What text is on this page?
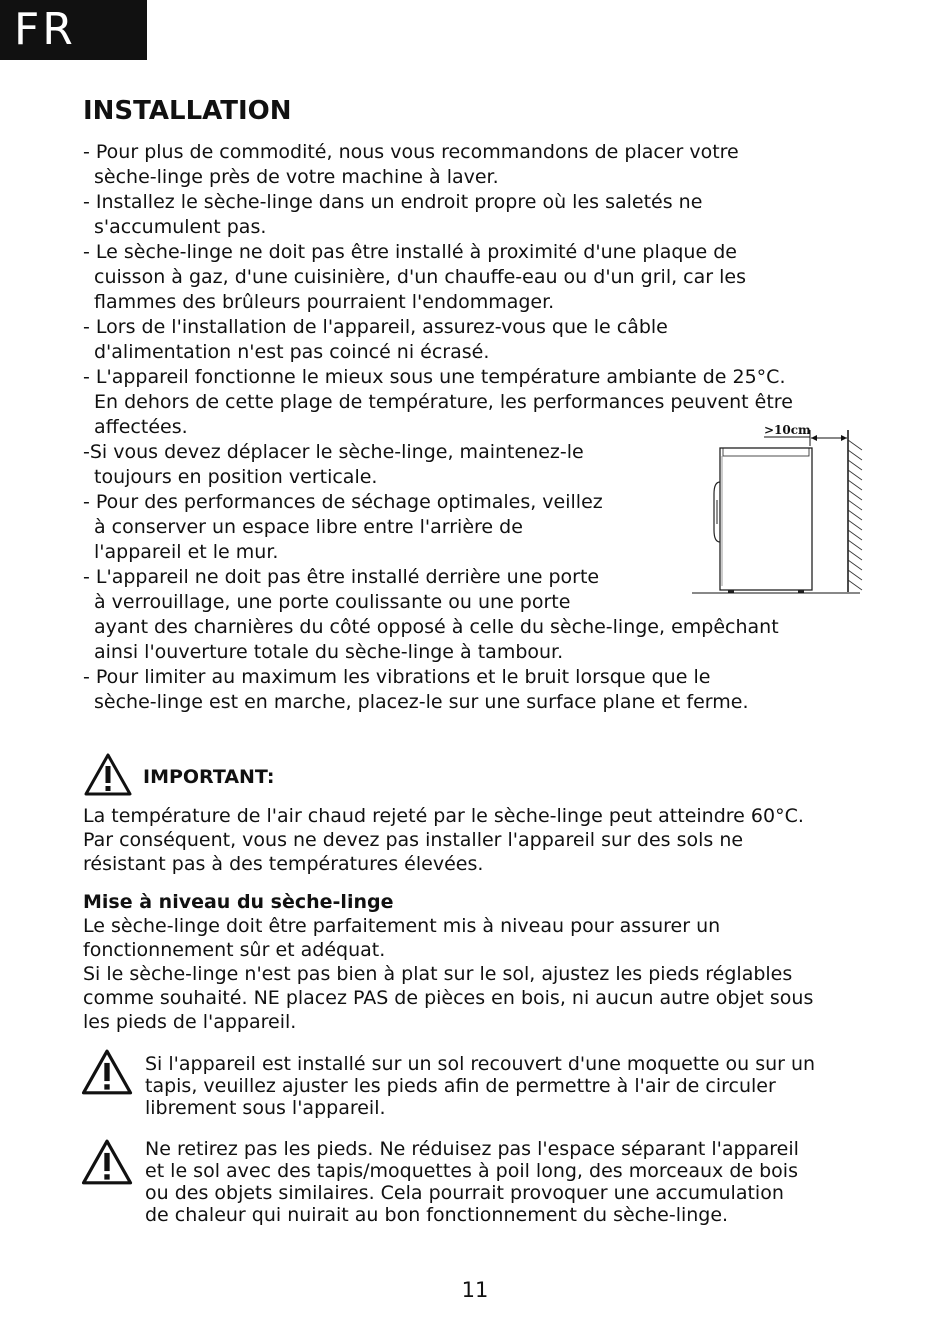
FR
INSTALLATION
- Pour plus de commodité, nous vous recommandons de placer votre
sèche-linge près de votre machine à laver.
- Installez le sèche-linge dans un endroit propre où les saletés ne
s'accumulent pas.
- Le sèche-linge ne doit pas être installé à proximité d'une plaque de
cuisson à gaz, d'une cuisinière, d'un chauffe-eau ou d'un gril, car les
flammes des brûleurs pourraient l'endommager.
- Lors de l'installation de l'appareil, assurez-vous que le câble
d'alimentation n'est pas coincé ni écrasé.
- L'appareil fonctionne le mieux sous une température ambiante de 25°C.
En dehors de cette plage de température, les performances peuvent être
affectées.
-Si vous devez déplacer le sèche-linge, maintenez-le
toujours en position verticale.
- Pour des performances de séchage optimales, veillez
à conserver un espace libre entre l'arrière de
l'appareil et le mur.
- L'appareil ne doit pas être installé derrière une porte
à verrouillage, une porte coulissante ou une porte
ayant des charnières du côté opposé à celle du sèche-linge, empêchant
ainsi l'ouverture totale du sèche-linge à tambour.
- Pour limiter au maximum les vibrations et le bruit lorsque que le
sèche-linge est en marche, placez-le sur une surface plane et ferme.
>10cm
IMPORTANT:

La température de l'air chaud rejeté par le sèche-linge peut atteindre 60°C.

Par conséquent, vous ne devez pas installer l'appareil sur des sols ne

résistant pas à des températures élevées.

Mise à niveau du sèche-linge

Le sèche-linge doit être parfaitement mis à niveau pour assurer un

fonctionnement sûr et adéquat.

Si le sèche-linge n'est pas bien à plat sur le sol, ajustez les pieds réglables

comme souhaité. NE placez PAS de pièces en bois, ni aucun autre objet sous

les pieds de l'appareil.

Si l'appareil est installé sur un sol recouvert d'une moquette ou sur un

tapis, veuillez ajuster les pieds afin de permettre à l'air de circuler

librement sous l'appareil.

Ne retirez pas les pieds. Ne réduisez pas l'espace séparant l'appareil

et le sol avec des tapis/moquettes à poil long, des morceaux de bois

ou des objets similaires. Cela pourrait provoquer une accumulation

de chaleur qui nuirait au bon fonctionnement du sèche-linge.

11
